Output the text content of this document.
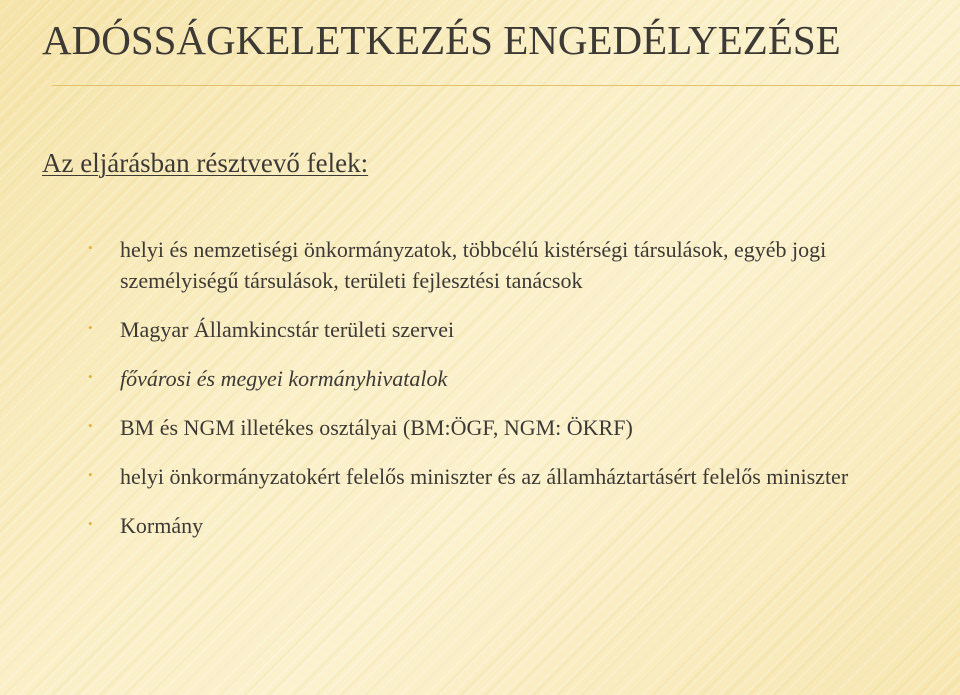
ADÓSSÁGKELETKEZÉS ENGEDÉLYEZÉSE
Az eljárásban résztvevő felek:
• helyi és nemzetiségi önkormányzatok, többcélú kistérségi társulások, egyéb jogi személyiségű társulások, területi fejlesztési tanácsok
• Magyar Államkincstár területi szervei
• fővárosi és megyei kormányhivatalok
• BM és NGM illetékes osztályai (BM:ÖGF, NGM: ÖKRF)
• helyi önkormányzatokért felelős miniszter és az államháztartásért felelős miniszter
• Kormány
